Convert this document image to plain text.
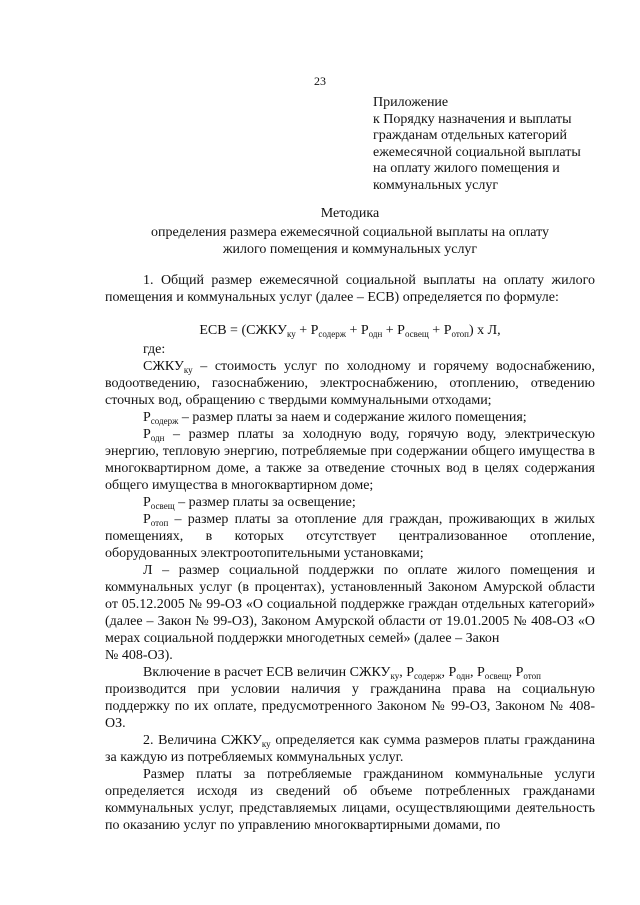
23
Приложение
к Порядку назначения и выплаты
гражданам отдельных категорий
ежемесячной социальной выплаты
на оплату жилого помещения и
коммунальных услуг
Методика
определения размера ежемесячной социальной выплаты на оплату
жилого помещения и коммунальных услуг
1. Общий размер ежемесячной социальной выплаты на оплату жилого помещения и коммунальных услуг (далее – ЕСВ) определяется по формуле:
ЕСВ = $(СЖКУ_{ку} + Р_{содерж} + Р_{одн} + Р_{освещ} + Р_{отоп})$ х Л,
где:
$СЖКУ_{ку}$ – стоимость услуг по холодному и горячему водоснабжению, водоотведению, газоснабжению, электроснабжению, отоплению, отведению сточных вод, обращению с твердыми коммунальными отходами;
$Р_{содерж}$ – размер платы за наем и содержание жилого помещения;
$Р_{одн}$ – размер платы за холодную воду, горячую воду, электрическую энергию, тепловую энергию, потребляемые при содержании общего имущества в многоквартирном доме, а также за отведение сточных вод в целях содержания общего имущества в многоквартирном доме;
$Р_{освещ}$ – размер платы за освещение;
$Р_{отоп}$ – размер платы за отопление для граждан, проживающих в жилых помещениях, в которых отсутствует централизованное отопление, оборудованных электроотопительными установками;
Л – размер социальной поддержки по оплате жилого помещения и коммунальных услуг (в процентах), установленный Законом Амурской области от 05.12.2005 № 99-ОЗ «О социальной поддержке граждан отдельных категорий» (далее – Закон № 99-ОЗ), Законом Амурской области от 19.01.2005 № 408-ОЗ «О мерах социальной поддержки многодетных семей» (далее – Закон
№ 408-ОЗ).
Включение в расчет ЕСВ величин $СЖКУ_{ку}$, $Р_{содерж}$, $Р_{одн}$, $Р_{освещ}$, $Р_{отоп}$
производится при условии наличия у гражданина права на социальную поддержку по их оплате, предусмотренного Законом № 99-ОЗ, Законом № 408-ОЗ.
2. Величина $СЖКУ_{ку}$ определяется как сумма размеров платы гражданина за каждую из потребляемых коммунальных услуг.
Размер платы за потребляемые гражданином коммунальные услуги определяется исходя из сведений об объеме потребленных гражданами коммунальных услуг, представляемых лицами, осуществляющими деятельность по оказанию услуг по управлению многоквартирными домами, по
